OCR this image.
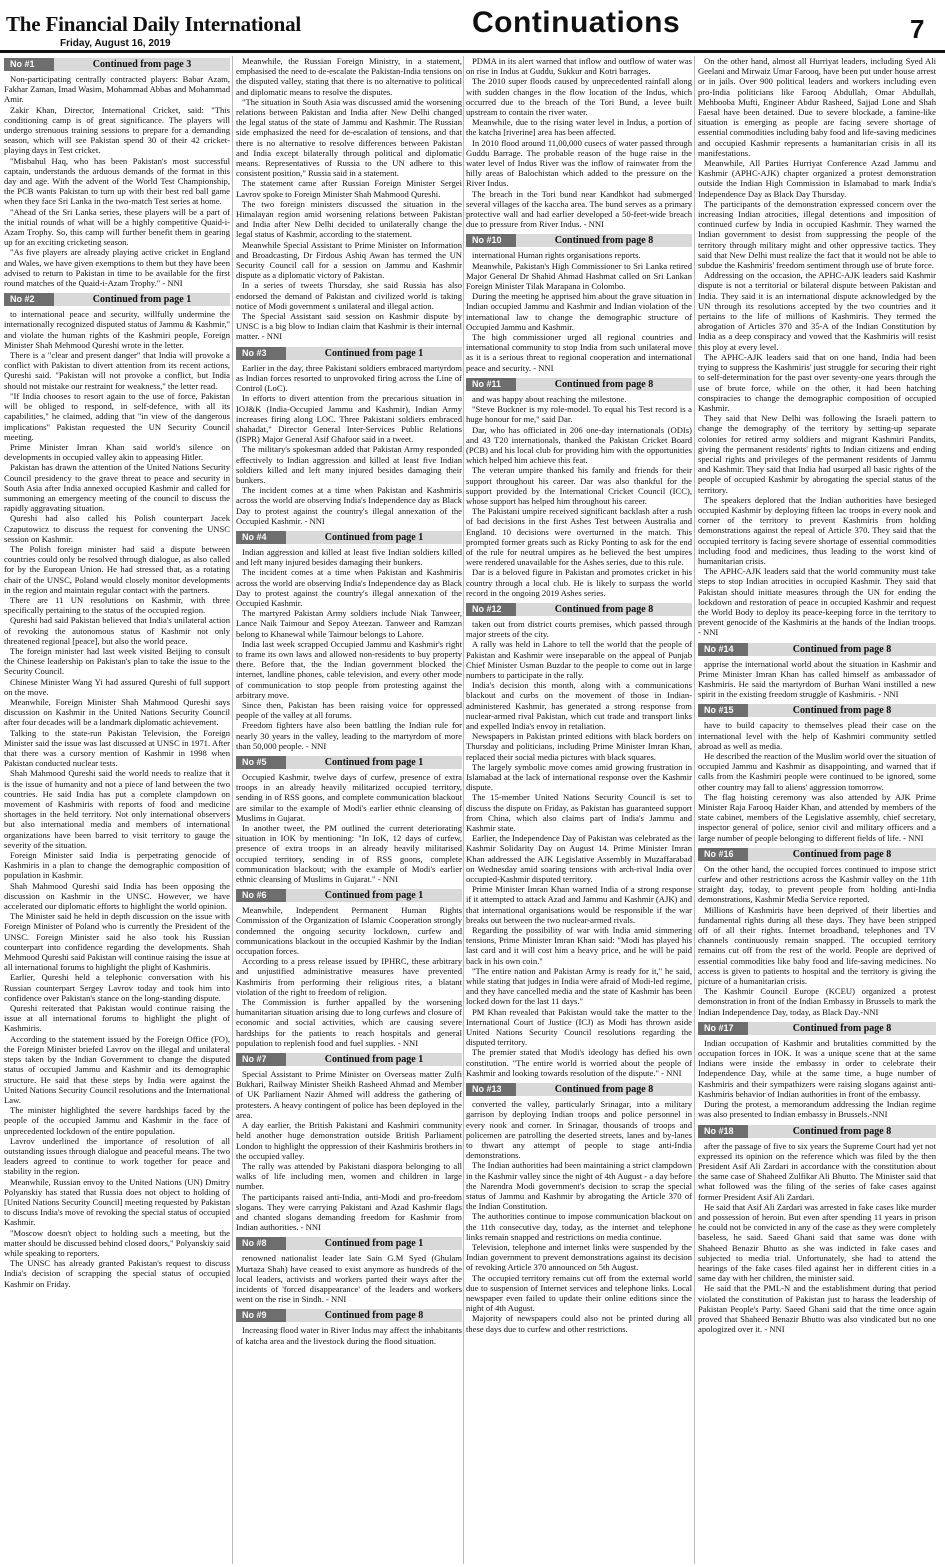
The Financial Daily International
Friday, August 16, 2019
Continuations	7
No #1	Continued from page 3

Non-participating centrally contracted players: Babar Azam, Fakhar Zaman, Imad Wasim, Mohammad Abbas and Mohammad Amir.

Zakir Khan, Director, International Cricket, said: "This conditioning camp is of great significance. The players will undergo strenuous training sessions to prepare for a demanding season, which will see Pakistan spend 30 of their 42 cricket-playing days in Test cricket.

"Misbahul Haq, who has been Pakistan's most successful captain, understands the arduous demands of the format in this day and age. With the advent of the World Test Championship, the PCB wants Pakistan to turn up with their best red ball game when they face Sri Lanka in the two-match Test series at home.

"Ahead of the Sri Lanka series, these players will be a part of the initial rounds of what will be a highly competitive Quaid-i-Azam Trophy. So, this camp will further benefit them in gearing up for an exciting cricketing season.

"As five players are already playing active cricket in England and Wales, we have given exemptions to them but they have been advised to return to Pakistan in time to be available for the first round matches of the Quaid-i-Azam Trophy." - NNI

No #2	Continued from page 1

to international peace and security, willfully undermine the internationally recognized disputed status of Jammu & Kashmir," and violate the human rights of the Kashmiri people, Foreign Minister Shah Mehmood Qureshi wrote in the letter.

There is a "clear and present danger" that India will provoke a conflict with Pakistan to divert attention from its recent actions, Qureshi said. "Pakistan will not provoke a conflict, but India should not mistake our restraint for weakness," the letter read.

"If India chooses to resort again to the use of force, Pakistan will be obliged to respond, in self-defence, with all its capabilities," he claimed, adding that "in view of the dangerous implications" Pakistan requested the UN Security Council meeting.

Prime Minister Imran Khan said world's silence on developments in occupied valley akin to appeasing Hitler.

Pakistan has drawn the attention of the United Nations Security Council presidency to the grave threat to peace and security in South Asia after India annexed occupied Kashmir and called for summoning an emergency meeting of the council to discuss the rapidly aggravating situation.

Qureshi had also called his Polish counterpart Jacek Czaputowicz to discuss the request for convening the UNSC session on Kashmir.

The Polish foreign minister had said a dispute between countries could only be resolved through dialogue, as also called for by the European Union. He had stressed that, as a rotating chair of the UNSC, Poland would closely monitor developments in the region and maintain regular contact with the partners.

There are 11 UN resolutions on Kashmir, with three specifically pertaining to the status of the occupied region.

Qureshi had said Pakistan believed that India's unilateral action of revoking the autonomous status of Kashmir not only threatened regional [peace], but also the world peace.

The foreign minister had last week visited Beijing to consult the Chinese leadership on Pakistan's plan to take the issue to the Security Council.

Chinese Minister Wang Yi had assured Qureshi of full support on the move.

Meanwhile, Foreign Minister Shah Mahmood Qureshi says discussion on Kashmir in the United Nations Security Council after four decades will be a landmark diplomatic achievement.

Talking to the state-run Pakistan Television, the Foreign Minister said the issue was last discussed at UNSC in 1971. After that there was a cursory mention of Kashmir in 1998 when Pakistan conducted nuclear tests.

Shah Mahmood Qureshi said the world needs to realize that it is the issue of humanity and not a piece of land between the two countries. He said India has put a complete clampdown on movement of Kashmiris with reports of food and medicine shortages in the held territory. Not only international observers but also international media and members of international organizations have been barred to visit territory to gauge the severity of the situation.

Foreign Minister said India is perpetrating genocide of Kashmiris in a plan to change the demographic composition of population in Kashmir.

Shah Mahmood Qureshi said India has been opposing the discussion on Kashmir in the UNSC. However, we have accelerated our diplomatic efforts to highlight the world opinion.

The Minister said he held in depth discussion on the issue with Foreign Minister of Poland who is currently the President of the UNSC. Foreign Minister said he also took his Russian counterpart into confidence regarding the developments. Shah Mehmood Qureshi said Pakistan will continue raising the issue at all international forums to highlight the plight of Kashmiris.

Earlier, Qureshi held a telephonic conversation with his Russian counterpart Sergey Lavrov today and took him into confidence over Pakistan's stance on the long-standing dispute.

Qureshi reiterated that Pakistan would continue raising the issue at all international forums to highlight the plight of Kashmiris.

According to the statement issued by the Foreign Office (FO), the Foreign Minister briefed Lavrov on the illegal and unilateral steps taken by the Indian Government to change the disputed status of occupied Jammu and Kashmir and its demographic structure. He said that these steps by India were against the United Nations Security Council resolutions and the International Law.

The minister highlighted the severe hardships faced by the people of the occupied Jammu and Kashmir in the face of unprecedented lockdown of the entire population.

Lavrov underlined the importance of resolution of all outstanding issues through dialogue and peaceful means. The two leaders agreed to continue to work together for peace and stability in the region.

Meanwhile, Russian envoy to the United Nations (UN) Dmitry Polyanskiy has stated that Russia does not object to holding of [United Nations Security Council] meeting requested by Pakistan to discuss India's move of revoking the special status of occupied Kashmir.

"Moscow doesn't object to holding such a meeting, but the matter should be discussed behind closed doors," Polyanskiy said while speaking to reporters.

The UNSC has already granted Pakistan's request to discuss India's decision of scrapping the special status of occupied Kashmir on Friday.

Meanwhile, the Russian Foreign Ministry, in a statement, emphasised the need to de-escalate the Pakistan-India tensions on the disputed valley, stating that there is no alternative to political and diplomatic means to resolve the disputes.

"The situation in South Asia was discussed amid the worsening relations between Pakistan and India after New Delhi changed the legal status of the state of Jammu and Kashmir. The Russian side emphasized the need for de-escalation of tensions, and that there is no alternative to resolve differences between Pakistan and India except bilaterally through political and diplomatic means. Representatives of Russia to the UN adhere to this consistent position," Russia said in a statement.

The statement came after Russian Foreign Minister Sergei Lavrov spoke to Foreign Minister Shah Mahmood Qureshi.

The two foreign ministers discussed the situation in the Himalayan region amid worsening relations between Pakistan and India after New Delhi decided to unilaterally change the legal status of Kashmir, according to the statement.

Meanwhile Special Assistant to Prime Minister on Information and Broadcasting, Dr Firdous Ashiq Awan has termed the UN Security Council call for a session on Jammu and Kashmir dispute as a diplomatic victory of Pakistan.

In a series of tweets Thursday, she said Russia has also endorsed the demand of Pakistan and civilized world is taking notice of Modi government s unilateral and illegal action.

The Special Assistant said session on Kashmir dispute by UNSC is a big blow to Indian claim that Kashmir is their internal matter. - NNI

No #3	Continued from page 1

Earlier in the day, three Pakistani soldiers embraced martyrdom as Indian forces resorted to unprovoked firing across the Line of Control (LoC).

In efforts to divert attention from the precarious situation in IOJ&K (India-Occupied Jammu and Kashmir), Indian Army increases firing along LOC. Three Pakistani soldiers embraced shahadat," Director General Inter-Services Public Relations (ISPR) Major General Asif Ghafoor said in a tweet.

The military's spokesman added that Pakistan Army responded effectively to Indian aggression and killed at least five Indian soldiers killed and left many injured besides damaging their bunkers.

The incident comes at a time when Pakistan and Kashmiris across the world are observing India's Independence day as Black Day to protest against the country's illegal annexation of the Occupied Kashmir. - NNI

No #4	Continued from page 1

Indian aggression and killed at least five Indian soldiers killed and left many injured besides damaging their bunkers.

The incident comes at a time when Pakistan and Kashmiris across the world are observing India's Independence day as Black Day to protest against the country's illegal annexation of the Occupied Kashmir.

The martyred Pakistan Army soldiers include Niak Tanweer, Lance Naik Taimour and Sepoy Ateezan. Tanweer and Ramzan belong to Khanewal while Taimour belongs to Lahore.

India last week scrapped Occupied Jammu and Kashmir's right to frame its own laws and allowed non-residents to buy property there. Before that, the the Indian government blocked the internet, landline phones, cable television, and every other mode of communication to stop people from protesting against the arbitrary move.

Since then, Pakistan has been raising voice for oppressed people of the valley at all forums.

Freedom fighters have also been battling the Indian rule for nearly 30 years in the valley, leading to the martyrdom of more than 50,000 people. - NNI

No #5	Continued from page 1

Occupied Kashmir, twelve days of curfew, presence of extra troops in an already heavily militarized occupied territory, sending in of RSS goons, and complete communication blackout are similar to the example of Modi's earlier ethnic cleansing of Muslims in Gujarat.

In another tweet, the PM outlined the current deteriorating situation in IOK by mentioning: "In IoK, 12 days of curfew, presence of extra troops in an already heavily militarised occupied territory, sending in of RSS goons, complete communication blackout; with the example of Modi's earlier ethnic cleansing of Muslims in Gujarat." - NNI

No #6	Continued from page 1

Meanwhile, Independent Permanent Human Rights Commission of the Organization of Islamic Cooperation strongly condemned the ongoing security lockdown, curfew and communications blackout in the occupied Kashmir by the Indian occupation forces.

According to a press release issued by IPHRC, these arbitrary and unjustified administrative measures have prevented Kashmiris from performing their religious rites, a blatant violation of the right to freedom of religion.

The Commission is further appalled by the worsening humanitarian situation arising due to long curfews and closure of economic and social activities, which are causing severe hardships for the patients to reach hospitals and general population to replenish food and fuel supplies. - NNI

No #7	Continued from page 1

Special Assistant to Prime Minister on Overseas matter Zulfi Bukhari, Railway Minister Sheikh Rasheed Ahmad and Member of UK Parliament Nazir Ahmed will address the gathering of protesters. A heavy contingent of police has been deployed in the area.

A day earlier, the British Pakistani and Kashmiri community held another huge demonstration outside British Parliament London to highlight the oppression of their Kashmiris brothers in the occupied valley.

The rally was attended by Pakistani diaspora belonging to all walks of life including men, women and children in large number.

The participants raised anti-India, anti-Modi and pro-freedom slogans. They were carrying Pakistani and Azad Kashmir flags and chanted slogans demanding freedom for Kashmir from Indian authorities. - NNI

No #8	Continued from page 1

renowned nationalist leader late Sain G.M Syed (Ghulam Murtaza Shah) have ceased to exist anymore as hundreds of the local leaders, activists and workers parted their ways after the incidents of 'forced disappearance' of the leaders and workers went on the rise in Sindh. - NNI

No #9	Continued from page 8

Increasing flood water in River Indus may affect the inhabitants of katcha area and the livestock during the flood situation.

PDMA in its alert warned that inflow and outflow of water was on rise in Indus at Guddu, Sukkur and Kotri barrages.

The 2010 super floods caused by unprecedented rainfall along with sudden changes in the flow location of the Indus, which occurred due to the breach of the Tori Bund, a levee built upstream to contain the river water.

Meanwhile, due to the rising water level in Indus, a portion of the katcha [riverine] area has been affected.

In 2010 flood around 11,00,000 cusecs of water passed through Guddu Barrage. The probable reason of the huge raise in the water level of Indus River was the inflow of rainwater from the hilly areas of Balochistan which added to the pressure on the River Indus.

The breach in the Tori bund near Kandhkot had submerged several villages of the kaccha area. The bund serves as a primary protective wall and had earlier developed a 50-feet-wide breach due to pressure from River Indus. - NNI

No #10	Continued from page 8

international Human rights organisations reports.

Meanwhile, Pakistan's High Commissioner to Sri Lanka retired Major General Dr Shahid Ahmad Hashmat called on Sri Lankan Foreign Minister Tilak Marapana in Colombo.

During the meeting he apprised him about the grave situation in Indian occupied Jammu and Kashmir and Indian violation of the international law to change the demographic structure of Occupied Jammu and Kashmir.

The high commissioner urged all regional countries and international community to stop India from such unilateral move as it is a serious threat to regional cooperation and international peace and security. - NNI

No #11	Continued from page 8

and was happy about reaching the milestone.

"Steve Buckner is my role-model. To equal his Test record is a huge honour for me," said Dar.

Dar, who has officiated in 206 one-day internationals (ODIs) and 43 T20 internationals, thanked the Pakistan Cricket Board (PCB) and his local club for providing him with the opportunities which helped him achieve this feat.

The veteran umpire thanked his family and friends for their support throughout his career. Dar was also thankful for the support provided by the International Cricket Council (ICC), whose support has helped him throughout his career.

The Pakistani umpire received significant backlash after a rush of bad decisions in the first Ashes Test between Australia and England. 10 decisions were overturned in the match. This prompted former greats such as Ricky Ponting to ask for the end of the rule for neutral umpires as he believed the best umpires were rendered unavailable for the Ashes series, due to this rule.

Dar is a beloved figure in Pakistan and promotes cricket in his country through a local club. He is likely to surpass the world record in the ongoing 2019 Ashes series.

No #12	Continued from page 8

taken out from district courts premises, which passed through major streets of the city.

A rally was held in Lahore to tell the world that the people of Pakistan and Kashmir were inseparable on the appeal of Punjab Chief Minister Usman Buzdar to the people to come out in large numbers to participate in the rally.

India's decision this month, along with a communications blackout and curbs on the movement of those in Indian-administered Kashmir, has generated a strong response from nuclear-armed rival Pakistan, which cut trade and transport links and expelled India's envoy in retaliation.

Newspapers in Pakistan printed editions with black borders on Thursday and politicians, including Prime Minister Imran Khan, replaced their social media pictures with black squares.

The largely symbolic move comes amid growing frustration in Islamabad at the lack of international response over the Kashmir dispute.

The 15-member United Nations Security Council is set to discuss the dispute on Friday, as Pakistan has guaranteed support from China, which also claims part of India's Jammu and Kashmir state.

Earlier, the Independence Day of Pakistan was celebrated as the Kashmir Solidarity Day on August 14. Prime Minister Imran Khan addressed the AJK Legislative Assembly in Muzaffarabad on Wednesday amid soaring tensions with arch-rival India over occupied-Kashmir disputed territory.

Prime Minister Imran Khan warned India of a strong response if it attempted to attack Azad and Jammu and Kashmir (AJK) and that international organisations would be responsible if the war breaks out between the two nuclear-armed rivals.

Regarding the possibility of war with India amid simmering tensions, Prime Minister Imran Khan said: "Modi has played his last card and it will cost him a heavy price, and he will be paid back in his own coin."

"The entire nation and Pakistan Army is ready for it," he said, while stating that judges in India were afraid of Modi-led regime, and they have cancelled media and the state of Kashmir has been locked down for the last 11 days."

PM Khan revealed that Pakistan would take the matter to the International Court of Justice (ICJ) as Modi has thrown aside United Nations Security Council resolutions regarding the disputed territory.

The premier stated that Modi's ideology has defied his own constitution. "The entire world is worried about the people of Kashmir and looking towards resolution of the dispute." - NNI

No #13	Continued from page 8

converted the valley, particularly Srinagar, into a military garrison by deploying Indian troops and police personnel in every nook and corner. In Srinagar, thousands of troops and policemen are patrolling the deserted streets, lanes and by-lanes to thwart any attempt of people to stage anti-India demonstrations.

The Indian authorities had been maintaining a strict clampdown in the Kashmir valley since the night of 4th August - a day before the Narendra Modi government's decision to scrap the special status of Jammu and Kashmir by abrogating the Article 370 of the Indian Constitution.

The authorities continue to impose communication blackout on the 11th consecutive day, today, as the internet and telephone links remain snapped and restrictions on media continue.

Television, telephone and internet links were suspended by the Indian government to prevent demonstrations against its decision of revoking Article 370 announced on 5th August.

The occupied territory remains cut off from the external world due to suspension of Internet services and telephone links. Local newspaper even failed to update their online editions since the night of 4th August.

Majority of newspapers could also not be printed during all these days due to curfew and other restrictions.

On the other hand, almost all Hurriyat leaders, including Syed Ali Geelani and Mirwaiz Umar Farooq, have been put under house arrest or in jails. Over 900 political leaders and workers including even pro-India politicians like Farooq Abdullah, Omar Abdullah, Mehbooba Mufti, Engineer Abdur Rasheed, Sajjad Lone and Shah Faesal have been detained. Due to severe blockade, a famine-like situation is emerging as people are facing severe shortage of essential commodities including baby food and life-saving medicines and occupied Kashmir represents a humanitarian crisis in all its manifestations.

Meanwhile, All Parties Hurriyat Conference Azad Jammu and Kashmir (APHC-AJK) chapter organized a protest demonstration outside the Indian High Commission in Islamabad to mark India's Independence Day as Black Day Thursday.

The participants of the demonstration expressed concern over the increasing Indian atrocities, illegal detentions and imposition of continued curfew by India in occupied Kashmir. They warned the Indian government to desist from suppressing the people of the territory through military might and other oppressive tactics. They said that New Delhi must realize the fact that it would not be able to subdue the Kashmiris' freedom sentiment through use of brute force.

Addressing on the occasion, the APHC-AJK leaders said Kashmir dispute is not a territorial or bilateral dispute between Pakistan and India. They said it is an international dispute acknowledged by the UN through its resolutions accepted by the two countries and it pertains to the life of millions of Kashmiris. They termed the abrogation of Articles 370 and 35-A of the Indian Constitution by India as a deep conspiracy and vowed that the Kashmiris will resist this ploy at every level.

The APHC-AJK leaders said that on one hand, India had been trying to suppress the Kashmiris' just struggle for securing their right to self-determination for the past over seventy-one years through the use of brute force, while on the other, it had been hatching conspiracies to change the demographic composition of occupied Kashmir.

They said that New Delhi was following the Israeli pattern to change the demography of the territory by setting-up separate colonies for retired army soldiers and migrant Kashmiri Pandits, giving the permanent residents' rights to Indian citizens and ending special rights and privileges of the permanent residents of Jammu and Kashmir. They said that India had usurped all basic rights of the people of occupied Kashmir by abrogating the special status of the territory.

The speakers deplored that the Indian authorities have besieged occupied Kashmir by deploying fifteen lac troops in every nook and corner of the territory to prevent Kashmiris from holding demonstrations against the repeal of Article 370. They said that the occupied territory is facing severe shortage of essential commodities including food and medicines, thus leading to the worst kind of humanitarian crisis.

The APHC-AJK leaders said that the world community must take steps to stop Indian atrocities in occupied Kashmir. They said that Pakistan should initiate measures through the UN for ending the lockdown and restoration of peace in occupied Kashmir and request the World Body to deploy its peace-keeping force in the territory to prevent genocide of the Kashmiris at the hands of the Indian troops. - NNI

No #14	Continued from page 8

apprise the international world about the situation in Kashmir and Prime Minister Imran Khan has called himself as ambassador of Kashmiris. He said the martyrdom of Burhan Wani instilled a new spirit in the existing freedom struggle of Kashmiris. - NNI

No #15	Continued from page 8

have to build capacity to themselves plead their case on the international level with the help of Kashmiri community settled abroad as well as media.

He described the reaction of the Muslim world over the situation of occupied Jammu and Kashmir as disappointing, and warned that if calls from the Kashmiri people were continued to be ignored, some other country may fall to aliens' aggression tomorrow.

The flag hoisting ceremony was also attended by AJK Prime Minister Raja Farooq Haider Khan, and attended by members of the state cabinet, members of the Legislative assembly, chief secretary, inspector general of police, senior civil and military officers and a large number of people belonging to different fields of life. - NNI

No #16	Continued from page 8

On the other hand, the occupied forces continued to impose strict curfew and other restrictions across the Kashmir valley on the 11th straight day, today, to prevent people from holding anti-India demonstrations, Kashmir Media Service reported.

Millions of Kashmiris have been deprived of their liberties and fundamental rights during all these days. They have been stripped off of all their rights. Internet broadband, telephones and TV channels continuously remain snapped. The occupied territory remains cut off from the rest of the world. People are deprived of essential commodities like baby food and life-saving medicines. No access is given to patients to hospital and the territory is giving the picture of a humanitarian crisis.

The Kashmir Council Europe (KCEU) organized a protest demonstration in front of the Indian Embassy in Brussels to mark the Indian Independence Day, today, as Black Day.-NNI

No #17	Continued from page 8

Indian occupation of Kashmir and brutalities committed by the occupation forces in IOK. It was a unique scene that at the same Indians were inside the embassy in order to celebrate their Independence Day, while at the same time, a huge number of Kashmiris and their sympathizers were raising slogans against anti-Kashmiris behavior of Indian authorities in front of the embassy.

During the protest, a memorandum addressing the Indian regime was also presented to Indian embassy in Brussels.-NNI

No #18	Continued from page 8

after the passage of five to six years the Supreme Court had yet not expressed its opinion on the reference which was filed by the then President Asif Ali Zardari in accordance with the constitution about the same case of Shaheed Zulfikar Ali Bhutto. The Minister said that what followed was the filing of the series of fake cases against former President Asif Ali Zardari.

He said that Asif Ali Zardari was arrested in fake cases like murder and possession of heroin. But even after spending 11 years in prison he could not be convicted in any of the case as they were completely baseless, he said. Saeed Ghani said that same was done with Shaheed Benazir Bhutto as she was indicted in fake cases and subjected to media trial. Unfortunately, she had to attend the hearings of the fake cases filed against her in different cities in a same day with her children, the minister said.

He said that the PML-N and the establishment during that period violated the constitution of Pakistan just to harass the leadership of Pakistan People's Party. Saeed Ghani said that the time once again proved that Shaheed Benazir Bhutto was also vindicated but no one apologized over it. - NNI
